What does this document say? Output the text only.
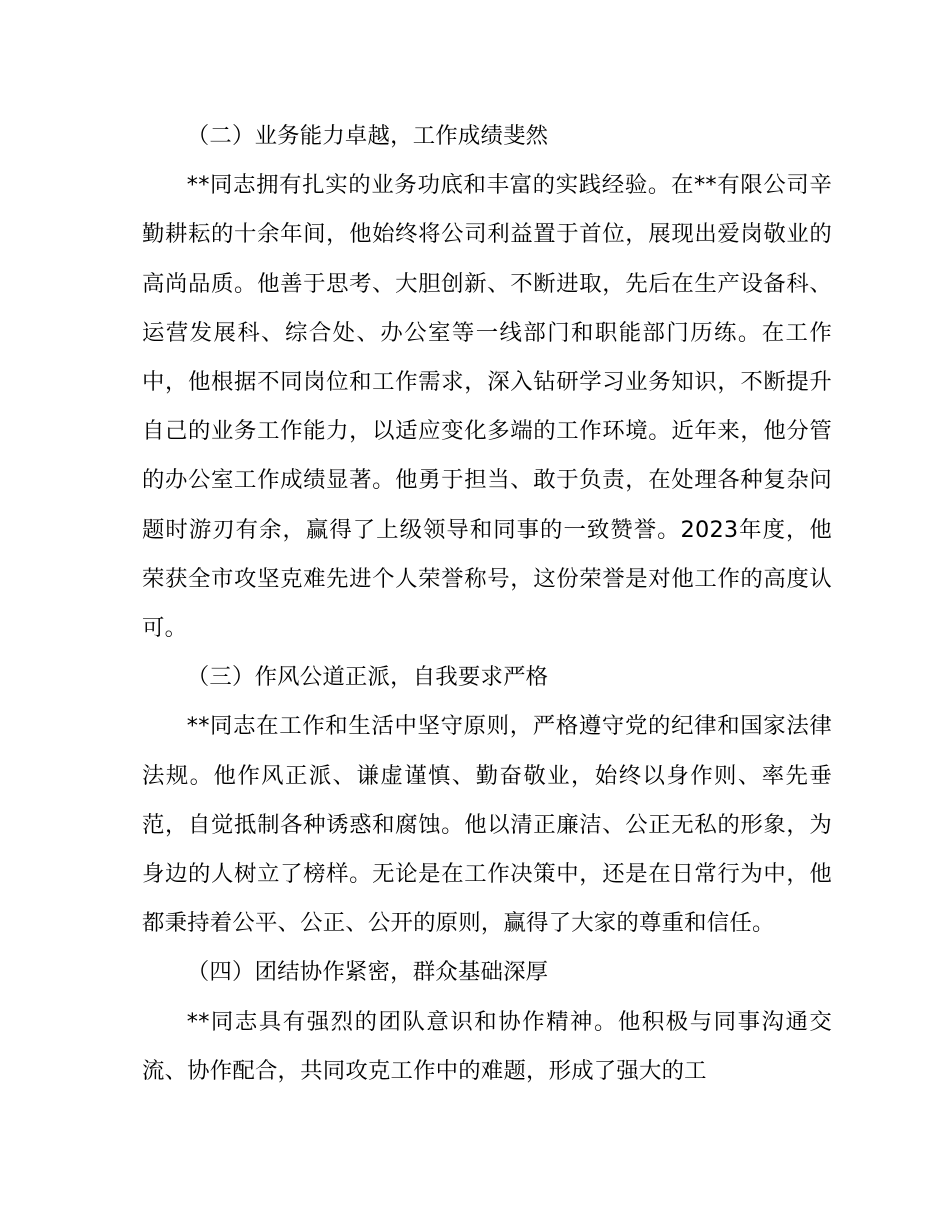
（二）业务能力卓越，工作成绩斐然

**同志拥有扎实的业务功底和丰富的实践经验。在**有限公司辛勤耕耘的十余年间，他始终将公司利益置于首位，展现出爱岗敬业的高尚品质。他善于思考、大胆创新、不断进取，先后在生产设备科、运营发展科、综合处、办公室等一线部门和职能部门历练。在工作中，他根据不同岗位和工作需求，深入钻研学习业务知识，不断提升自己的业务工作能力，以适应变化多端的工作环境。近年来，他分管的办公室工作成绩显著。他勇于担当、敢于负责，在处理各种复杂问题时游刃有余，赢得了上级领导和同事的一致赞誉。2023年度，他荣获全市攻坚克难先进个人荣誉称号，这份荣誉是对他工作的高度认可。

（三）作风公道正派，自我要求严格

**同志在工作和生活中坚守原则，严格遵守党的纪律和国家法律法规。他作风正派、谦虚谨慎、勤奋敬业，始终以身作则、率先垂范，自觉抵制各种诱惑和腐蚀。他以清正廉洁、公正无私的形象，为身边的人树立了榜样。无论是在工作决策中，还是在日常行为中，他都秉持着公平、公正、公开的原则，赢得了大家的尊重和信任。

（四）团结协作紧密，群众基础深厚

**同志具有强烈的团队意识和协作精神。他积极与同事沟通交流、协作配合，共同攻克工作中的难题，形成了强大的工
